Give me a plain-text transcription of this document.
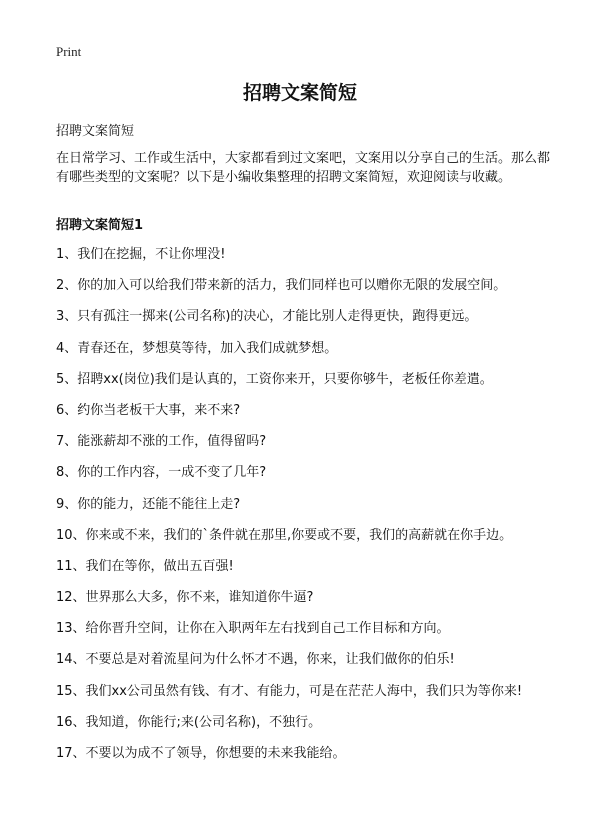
Print
招聘文案简短
招聘文案简短
在日常学习、工作或生活中，大家都看到过文案吧，文案用以分享自己的生活。那么都有哪些类型的文案呢？以下是小编收集整理的招聘文案简短，欢迎阅读与收藏。
招聘文案简短1
1、我们在挖掘，不让你埋没!
2、你的加入可以给我们带来新的活力，我们同样也可以赠你无限的发展空间。
3、只有孤注一掷来(公司名称)的决心，才能比别人走得更快，跑得更远。
4、青春还在，梦想莫等待，加入我们成就梦想。
5、招聘xx(岗位)我们是认真的，工资你来开，只要你够牛，老板任你差遣。
6、约你当老板干大事，来不来?
7、能涨薪却不涨的工作，值得留吗?
8、你的工作内容，一成不变了几年?
9、你的能力，还能不能往上走?
10、你来或不来，我们的`条件就在那里,你要或不要，我们的高薪就在你手边。
11、我们在等你，做出五百强!
12、世界那么大多，你不来，谁知道你牛逼?
13、给你晋升空间，让你在入职两年左右找到自己工作目标和方向。
14、不要总是对着流星问为什么怀才不遇，你来，让我们做你的伯乐!
15、我们xx公司虽然有钱、有才、有能力，可是在茫茫人海中，我们只为等你来!
16、我知道，你能行;来(公司名称)，不独行。
17、不要以为成不了领导，你想要的未来我能给。
